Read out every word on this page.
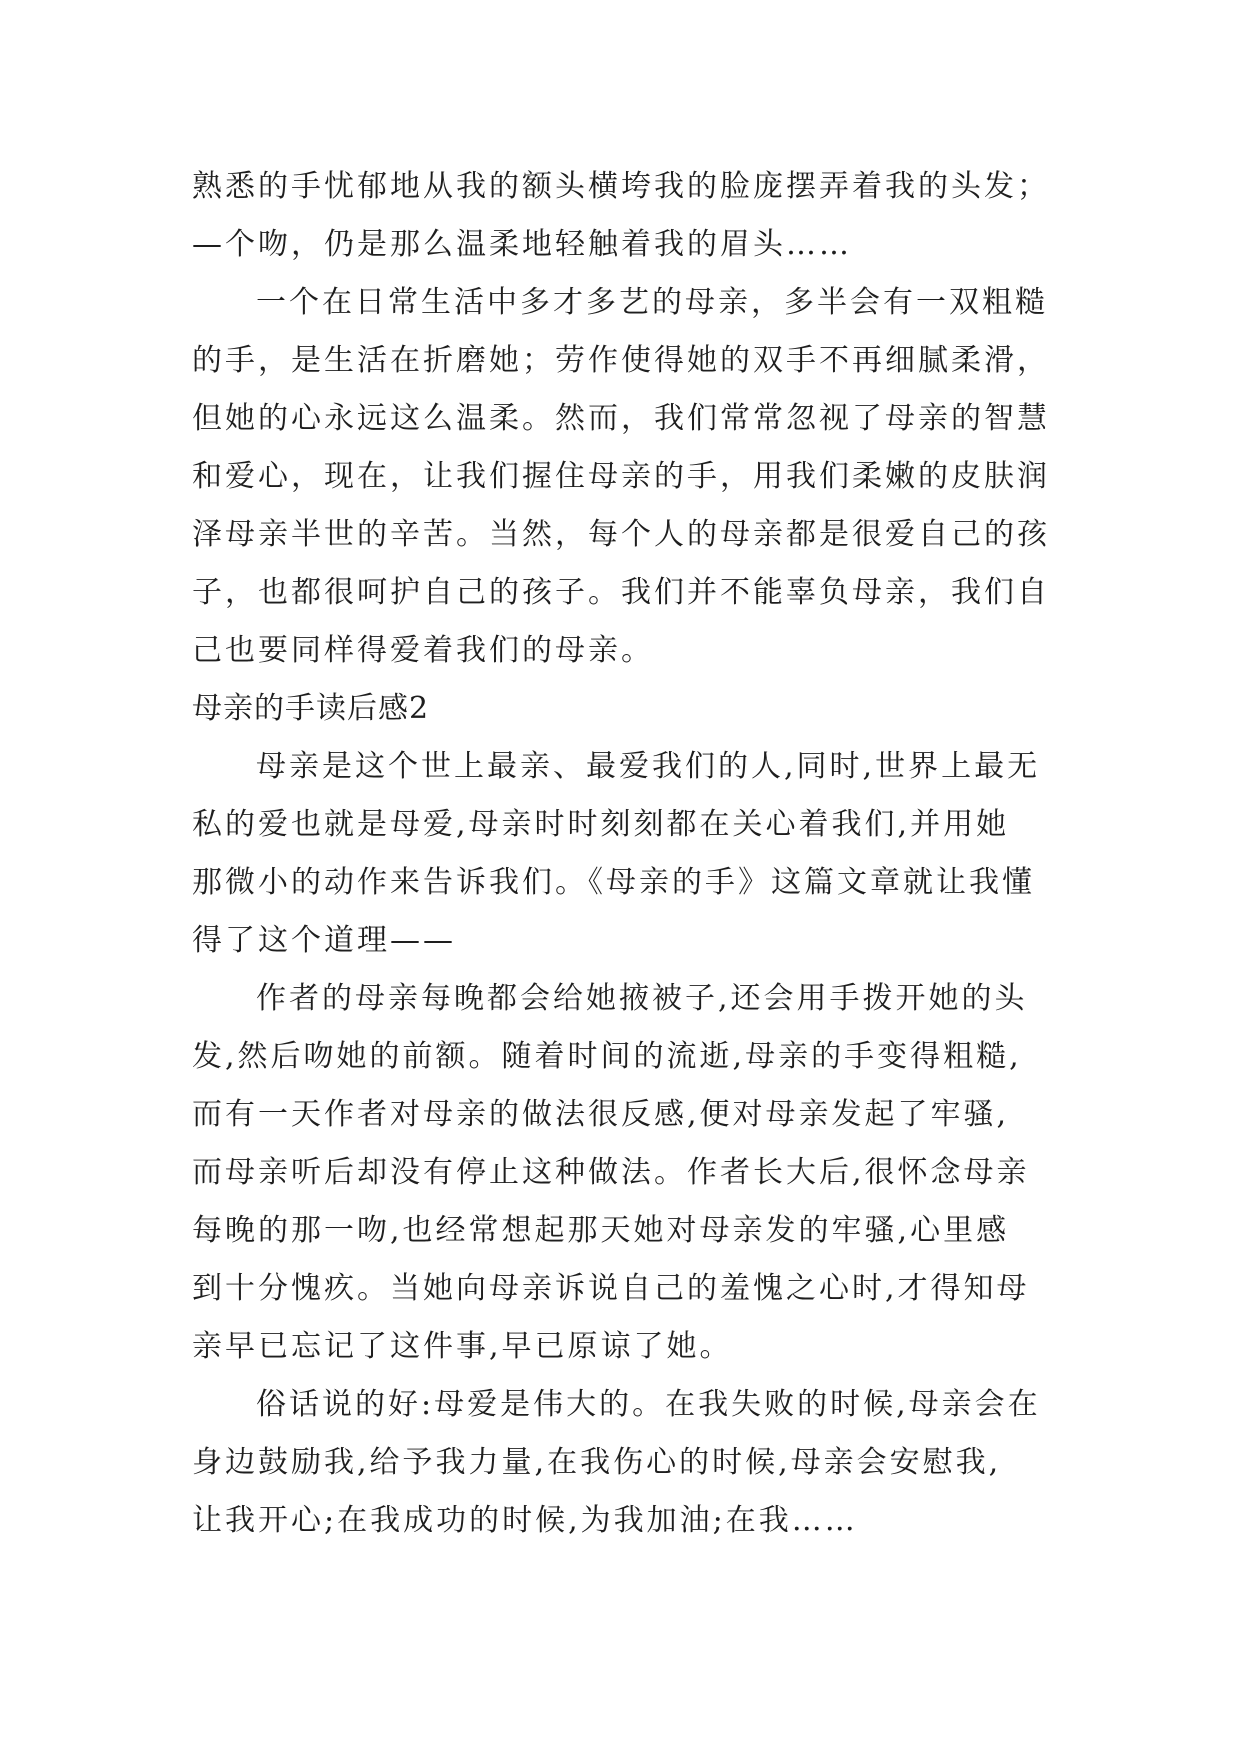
熟悉的手忧郁地从我的额头横垮我的脸庞摆弄着我的头发；
—个吻，仍是那么温柔地轻触着我的眉头……
一个在日常生活中多才多艺的母亲，多半会有一双粗糙
的手，是生活在折磨她；劳作使得她的双手不再细腻柔滑，
但她的心永远这么温柔。然而，我们常常忽视了母亲的智慧
和爱心，现在，让我们握住母亲的手，用我们柔嫩的皮肤润
泽母亲半世的辛苦。当然，每个人的母亲都是很爱自己的孩
子，也都很呵护自己的孩子。我们并不能辜负母亲，我们自
己也要同样得爱着我们的母亲。
母亲的手读后感2
母亲是这个世上最亲、最爱我们的人,同时,世界上最无
私的爱也就是母爱,母亲时时刻刻都在关心着我们,并用她
那微小的动作来告诉我们。《母亲的手》这篇文章就让我懂
得了这个道理——
作者的母亲每晚都会给她掖被子,还会用手拨开她的头
发,然后吻她的前额。随着时间的流逝,母亲的手变得粗糙,
而有一天作者对母亲的做法很反感,便对母亲发起了牢骚,
而母亲听后却没有停止这种做法。作者长大后,很怀念母亲
每晚的那一吻,也经常想起那天她对母亲发的牢骚,心里感
到十分愧疚。当她向母亲诉说自己的羞愧之心时,才得知母
亲早已忘记了这件事,早已原谅了她。
俗话说的好:母爱是伟大的。在我失败的时候,母亲会在
身边鼓励我,给予我力量,在我伤心的时候,母亲会安慰我,
让我开心;在我成功的时候,为我加油;在我……
